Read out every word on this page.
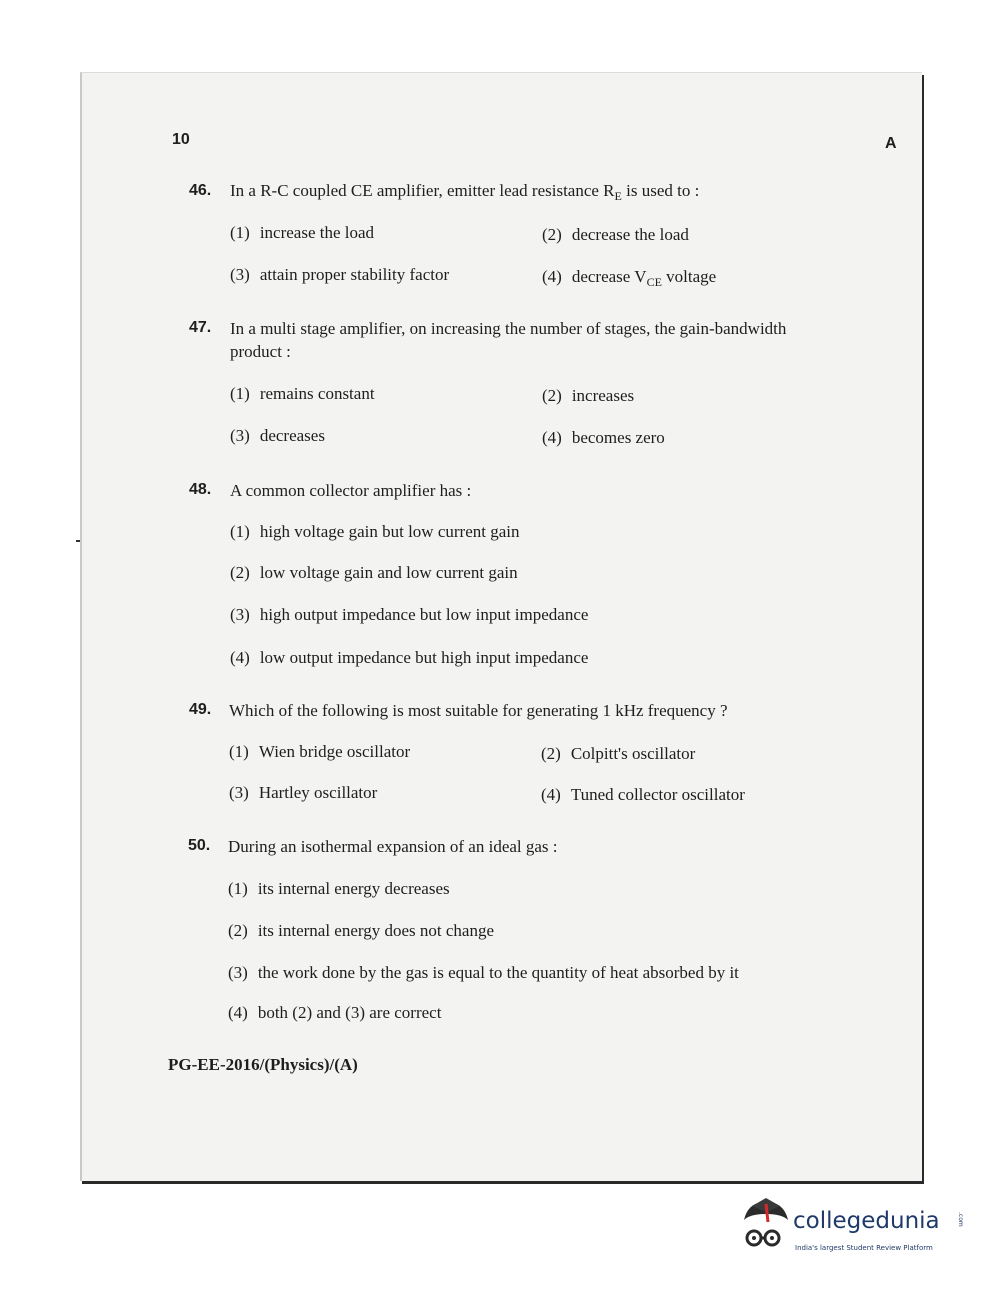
10	A
46. In a R-C coupled CE amplifier, emitter lead resistance $R_E$ is used to :
(1) increase the load	(2) decrease the load
(3) attain proper stability factor	(4) decrease $V_{CE}$ voltage
47. In a multi stage amplifier, on increasing the number of stages, the gain-bandwidth
product :
(1) remains constant	(2) increases
(3) decreases	(4) becomes zero
48. A common collector amplifier has :
(1) high voltage gain but low current gain
(2) low voltage gain and low current gain
(3) high output impedance but low input impedance
(4) low output impedance but high input impedance
49. Which of the following is most suitable for generating 1 kHz frequency ?
(1) Wien bridge oscillator	(2) Colpitt's oscillator
(3) Hartley oscillator	(4) Tuned collector oscillator
50. During an isothermal expansion of an ideal gas :
(1) its internal energy decreases
(2) its internal energy does not change
(3) the work done by the gas is equal to the quantity of heat absorbed by it
(4) both (2) and (3) are correct
PG-EE-2016/(Physics)/(A)
collegedunia	.com
India's largest Student Review Platform
